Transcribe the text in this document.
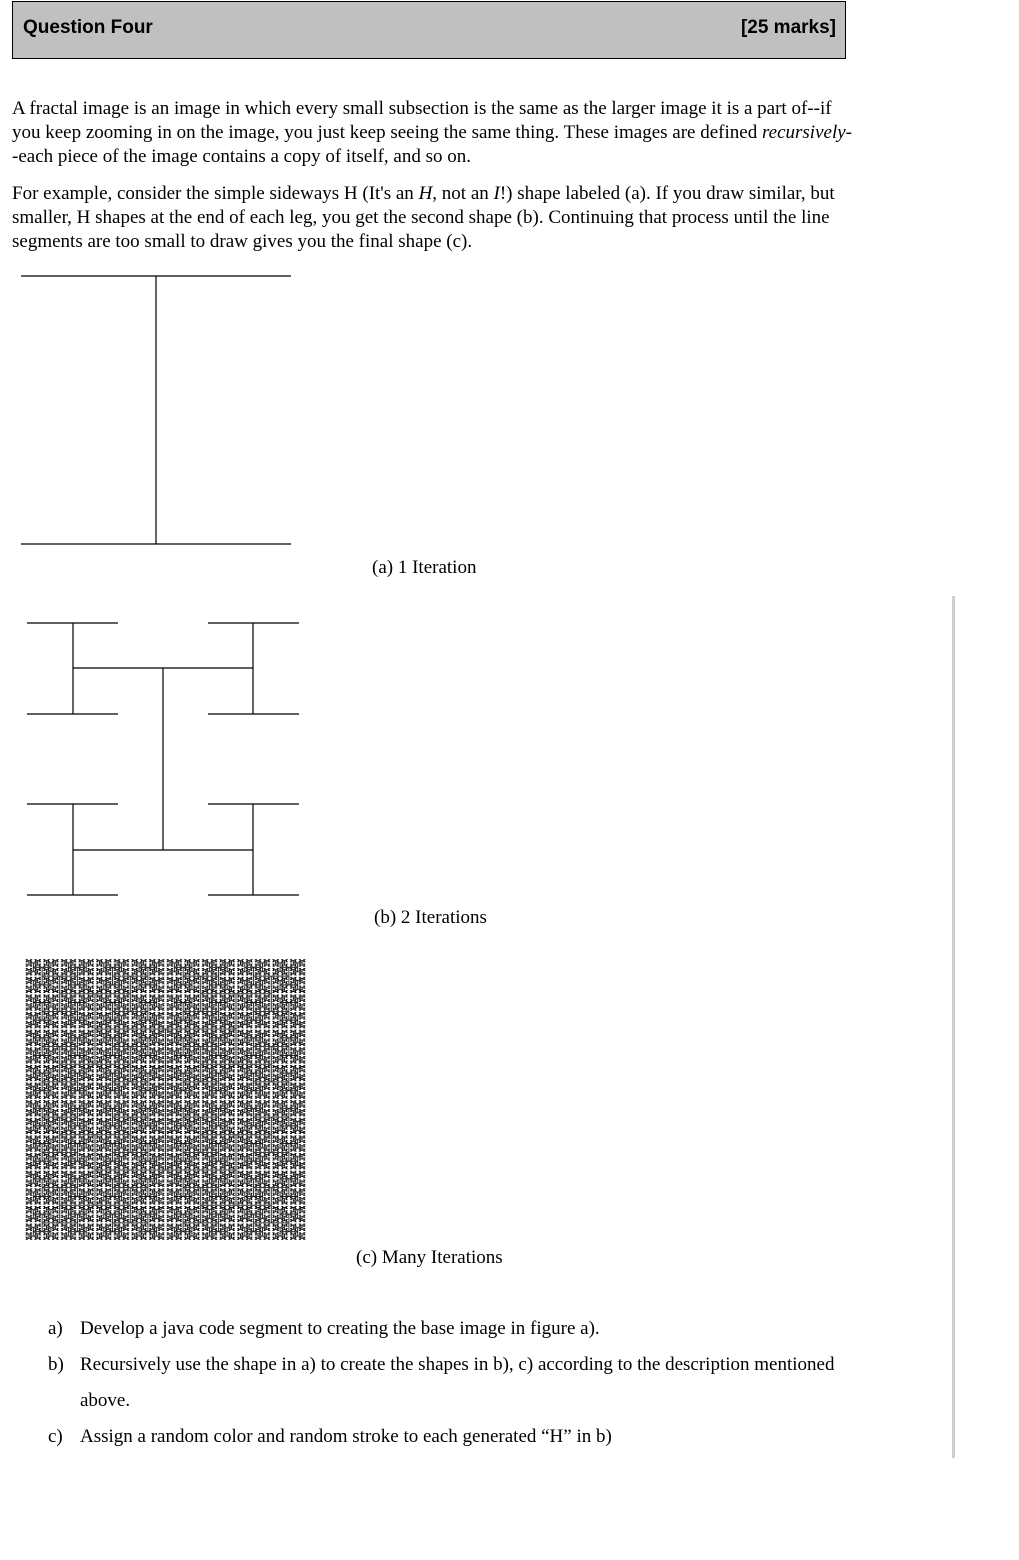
Question Four	[25 marks]

A fractal image is an image in which every small subsection is the same as the larger image it is a part of--if you keep zooming in on the image, you just keep seeing the same thing. These images are defined recursively--each piece of the image contains a copy of itself, and so on.

For example, consider the simple sideways H (It's an H, not an I!) shape labeled (a). If you draw similar, but smaller, H shapes at the end of each leg, you get the second shape (b). Continuing that process until the line segments are too small to draw gives you the final shape (c).

(a) 1 Iteration
(b) 2 Iterations
(c) Many Iterations
a) Develop a java code segment to creating the base image in figure a).
b) Recursively use the shape in a) to create the shapes in b), c) according to the description mentioned above.
c) Assign a random color and random stroke to each generated “H” in b)
